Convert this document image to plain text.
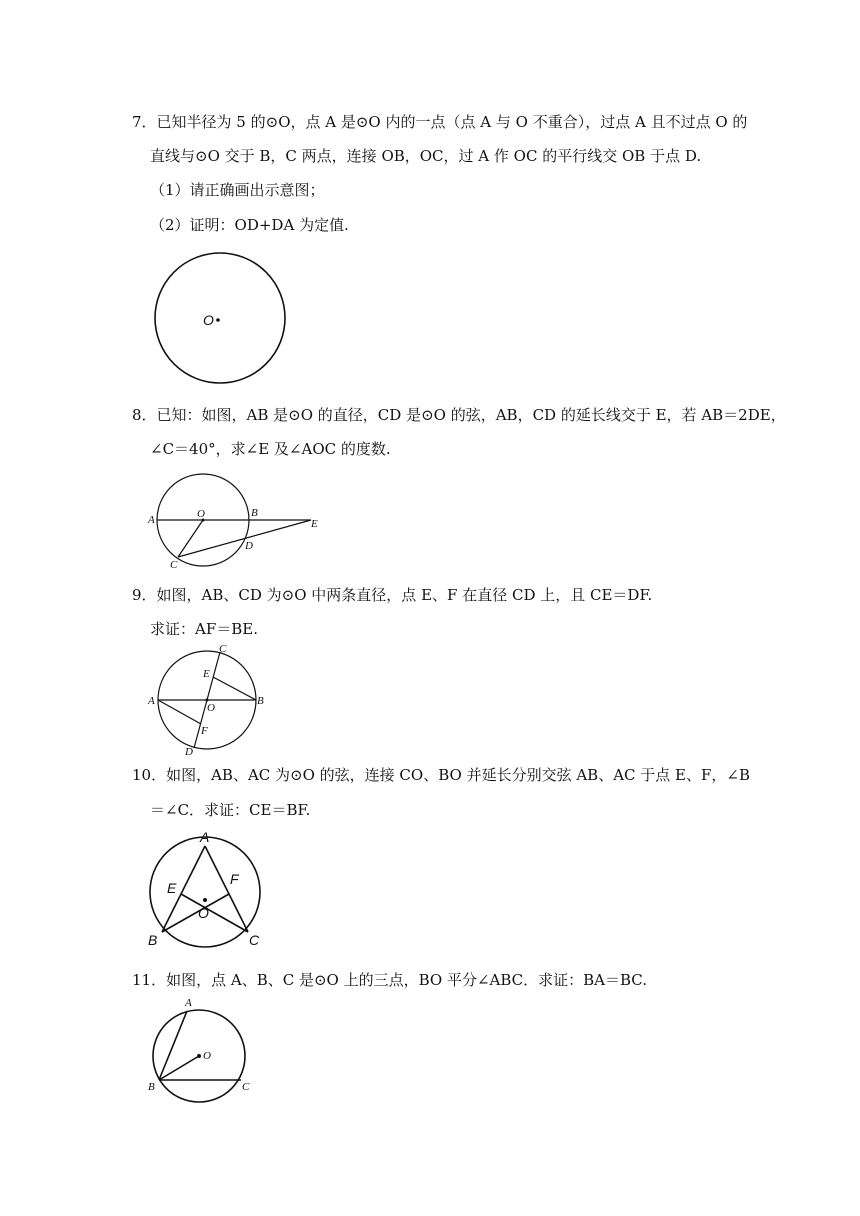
7．已知半径为 5 的⊙O，点 A 是⊙O 内的一点（点 A 与 O 不重合），过点 A 且不过点 O 的
直线与⊙O 交于 B，C 两点，连接 OB，OC，过 A 作 OC 的平行线交 OB 于点 D.
（1）请正确画出示意图；
（2）证明：OD+DA 为定值.
O
8．已知：如图，AB 是⊙O 的直径，CD 是⊙O 的弦，AB，CD 的延长线交于 E，若 AB＝2DE，
∠C＝40°，求∠E 及∠AOC 的度数.
A	O	B
E
D
C
9．如图，AB、CD 为⊙O 中两条直径，点 E、F 在直径 CD 上，且 CE＝DF.
求证：AF＝BE.
C
E
A	B
O
F
D
10．如图，AB、AC 为⊙O 的弦，连接 CO、BO 并延长分别交弦 AB、AC 于点 E、F，∠B
＝∠C．求证：CE＝BF.
A
E
F
O
B	C
11．如图，点 A、B、C 是⊙O 上的三点，BO 平分∠ABC．求证：BA＝BC.
A
O
B	C
